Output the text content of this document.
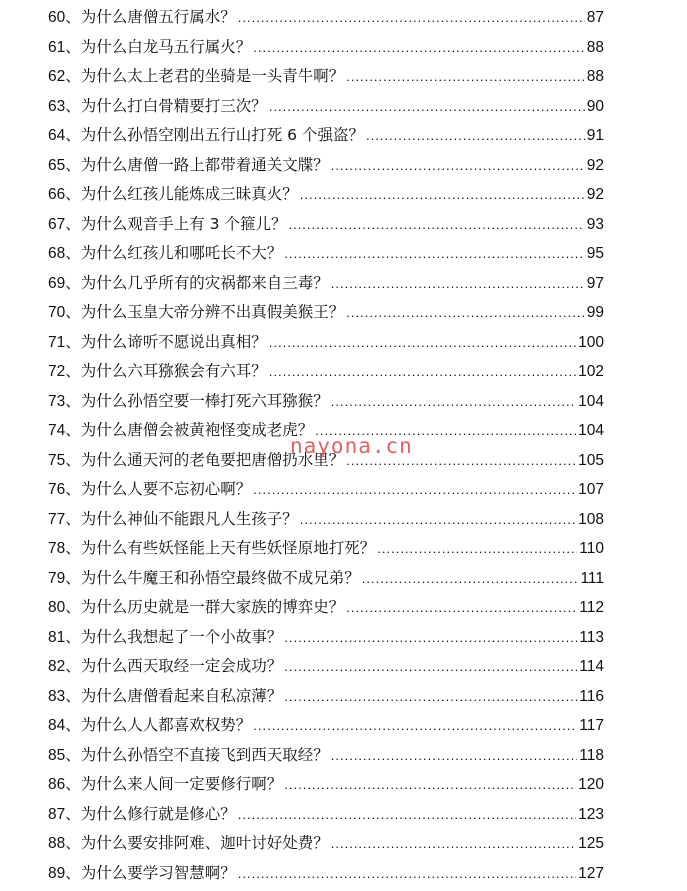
60、 为什么唐僧五行属水？ .....	87
61、 为什么白龙马五行属火？ .....	88
62、 为什么太上老君的坐骑是一头青牛啊？ .....	88
63、 为什么打白骨精要打三次？ .....	90
64、 为什么孙悟空刚出五行山打死 6 个强盗？ .....	91
65、 为什么唐僧一路上都带着通关文牒？ .....	92
66、 为什么红孩儿能炼成三昧真火？ .....	92
67、 为什么观音手上有 3 个箍儿？ .....	93
68、 为什么红孩儿和哪吒长不大？ .....	95
69、 为什么几乎所有的灾祸都来自三毒？ .....	97
70、 为什么玉皇大帝分辨不出真假美猴王？ .....	99
71、 为什么谛听不愿说出真相？ .....	100
72、 为什么六耳猕猴会有六耳？ .....	102
73、 为什么孙悟空要一棒打死六耳猕猴？ .....	104
74、 为什么唐僧会被黄袍怪变成老虎？ .....	104
75、 为什么通天河的老龟要把唐僧扔水里？ .....	105
76、 为什么人要不忘初心啊？ .....	107
77、 为什么神仙不能跟凡人生孩子？ .....	108
78、 为什么有些妖怪能上天有些妖怪原地打死？ .....	110
79、 为什么牛魔王和孙悟空最终做不成兄弟？ .....	111
80、 为什么历史就是一群大家族的博弈史？ .....	112
81、 为什么我想起了一个小故事？ .....	113
82、 为什么西天取经一定会成功？ .....	114
83、 为什么唐僧看起来自私凉薄？ .....	116
84、 为什么人人都喜欢权势？ .....	117
85、 为什么孙悟空不直接飞到西天取经？ .....	118
86、 为什么来人间一定要修行啊？ .....	120
87、 为什么修行就是修心？ .....	123
88、 为什么要安排阿难、迦叶讨好处费？ .....	125
89、 为什么要学习智慧啊？ .....	127
nayona.cn
